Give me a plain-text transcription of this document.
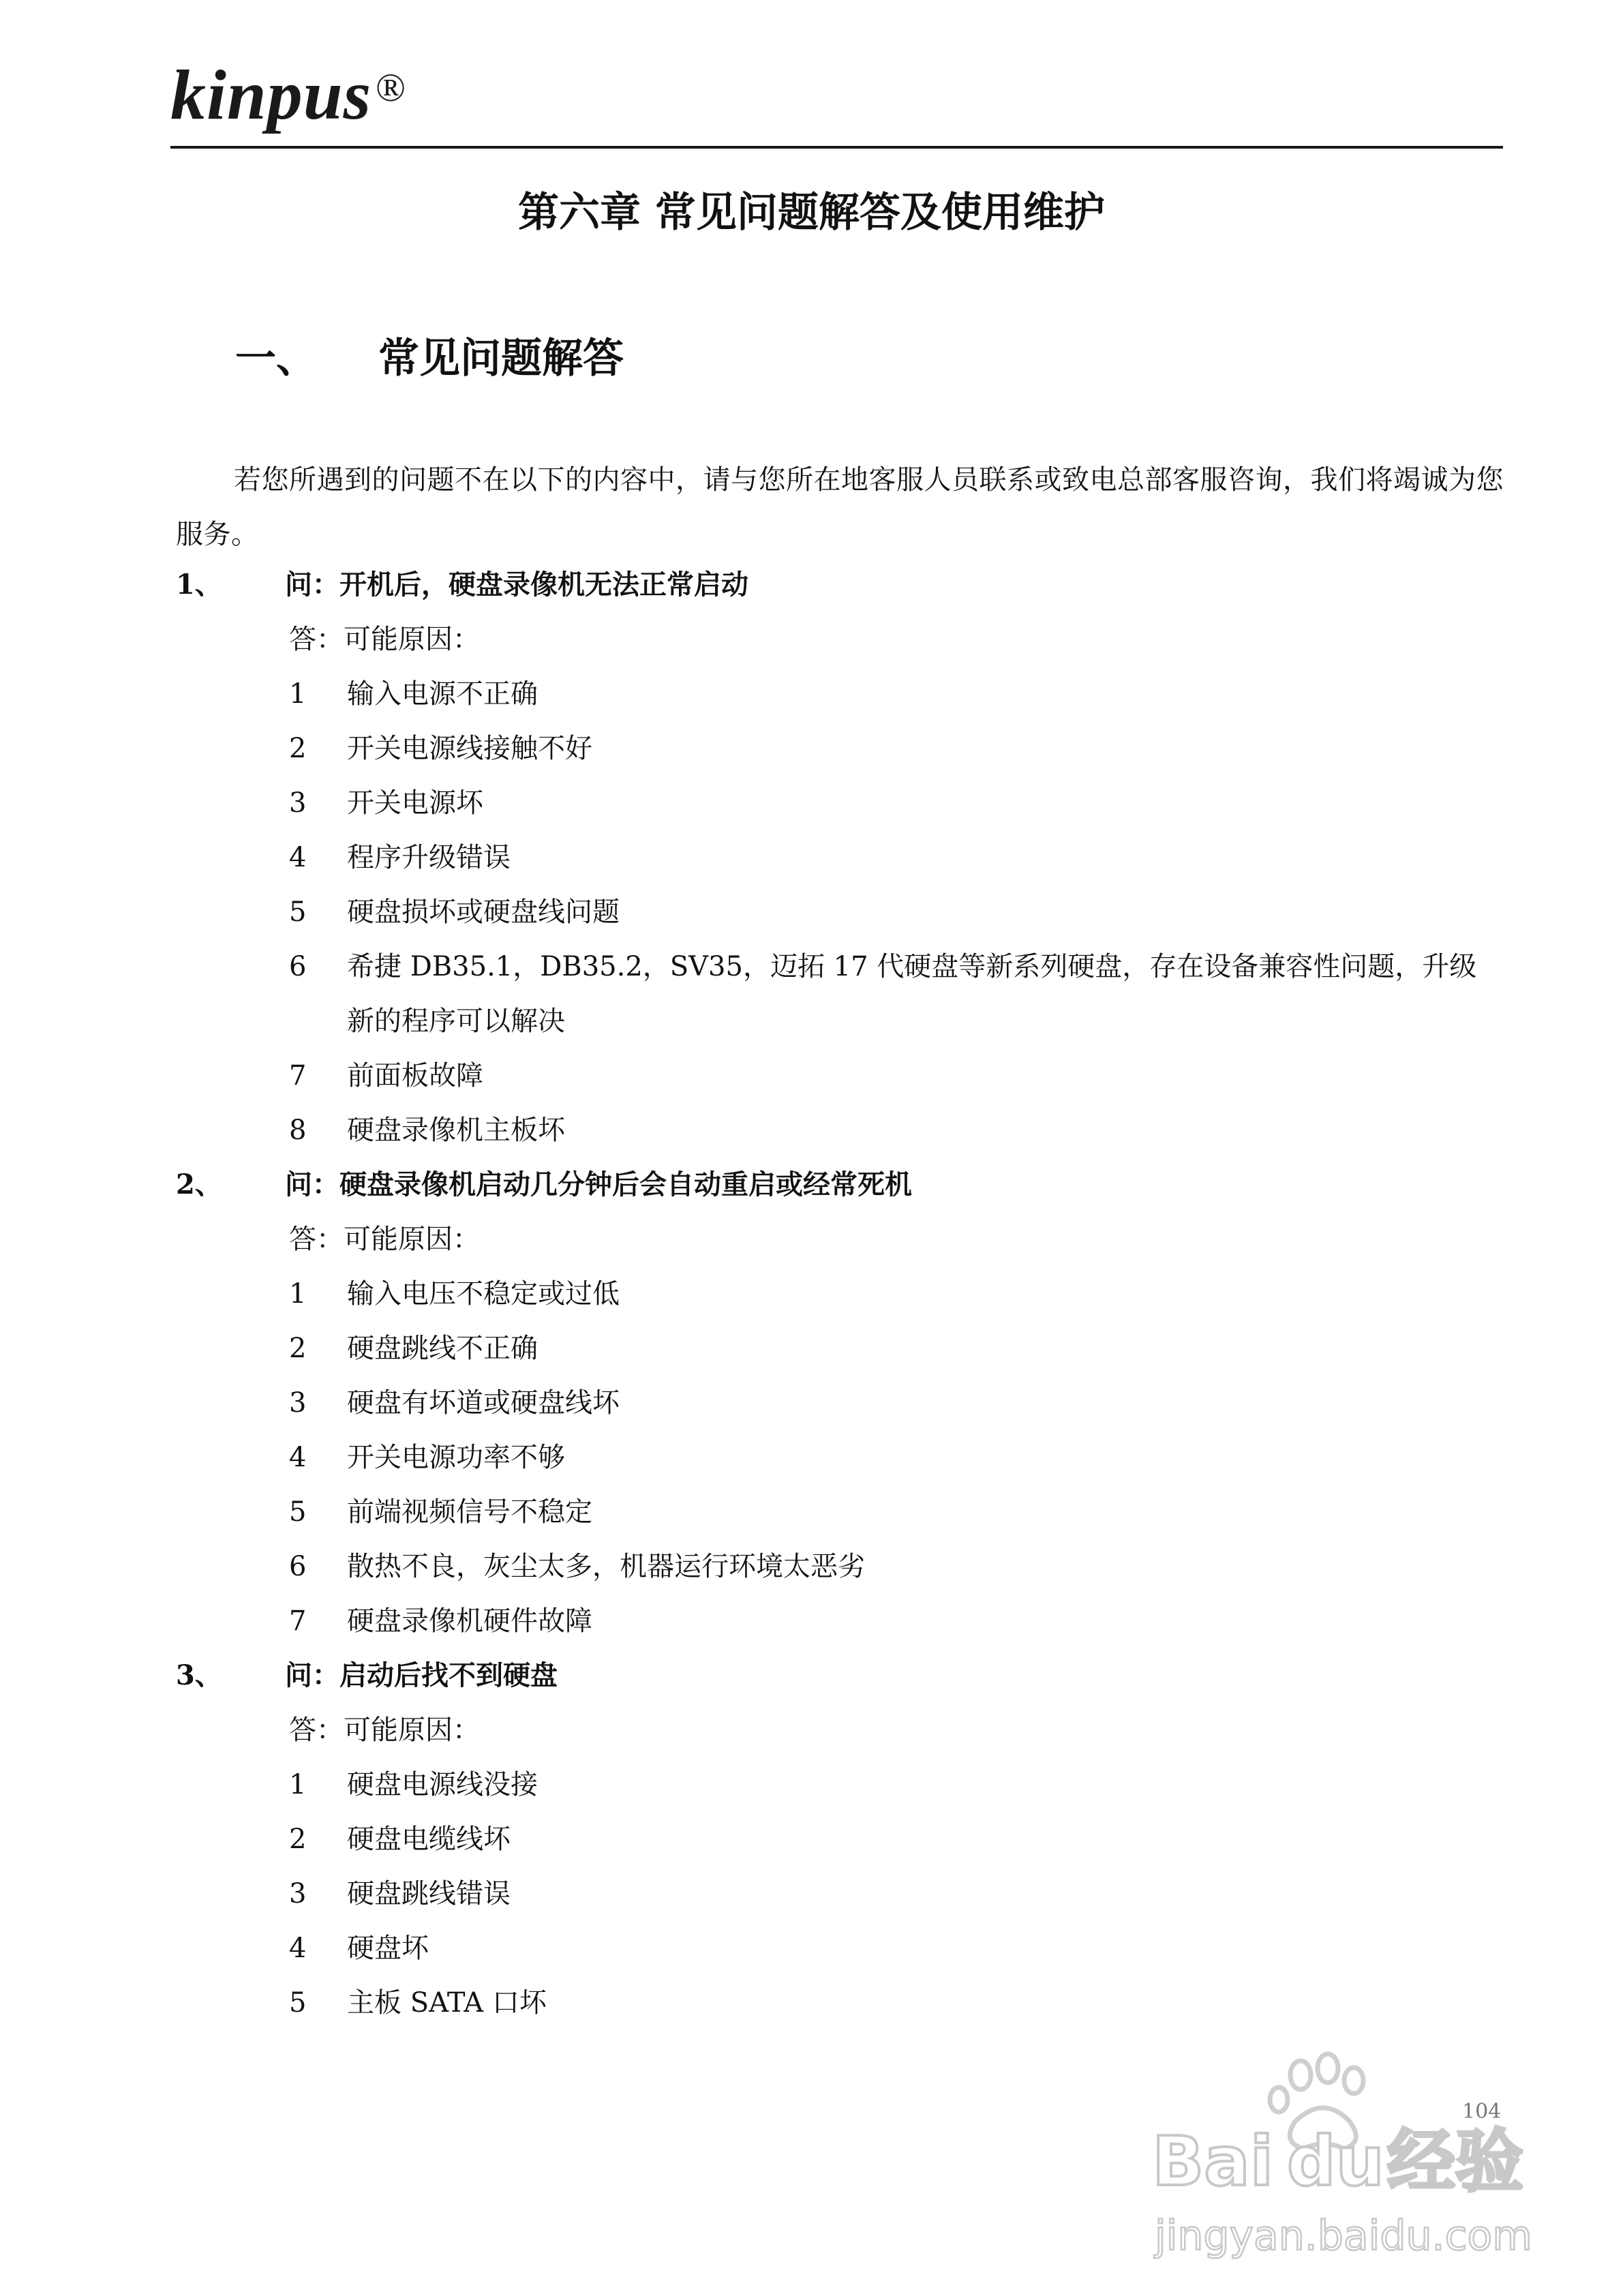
kinpus ®
第六章 常见问题解答及使用维护
一、 常见问题解答
若您所遇到的问题不在以下的内容中，请与您所在地客服人员联系或致电总部客服咨询，我们将竭诚为您服务。
1、 问：开机后，硬盘录像机无法正常启动
答：可能原因：
1 输入电源不正确
2 开关电源线接触不好
3 开关电源坏
4 程序升级错误
5 硬盘损坏或硬盘线问题
6 希捷 DB35.1，DB35.2，SV35，迈拓 17 代硬盘等新系列硬盘，存在设备兼容性问题，升级新的程序可以解决
7 前面板故障
8 硬盘录像机主板坏
2、 问：硬盘录像机启动几分钟后会自动重启或经常死机
答：可能原因：
1 输入电压不稳定或过低
2 硬盘跳线不正确
3 硬盘有坏道或硬盘线坏
4 开关电源功率不够
5 前端视频信号不稳定
6 散热不良，灰尘太多，机器运行环境太恶劣
7 硬盘录像机硬件故障
3、 问：启动后找不到硬盘
答：可能原因：
1 硬盘电源线没接
2 硬盘电缆线坏
3 硬盘跳线错误
4 硬盘坏
5 主板 SATA 口坏
104
Bai du 经验
jingyan.baidu.com
